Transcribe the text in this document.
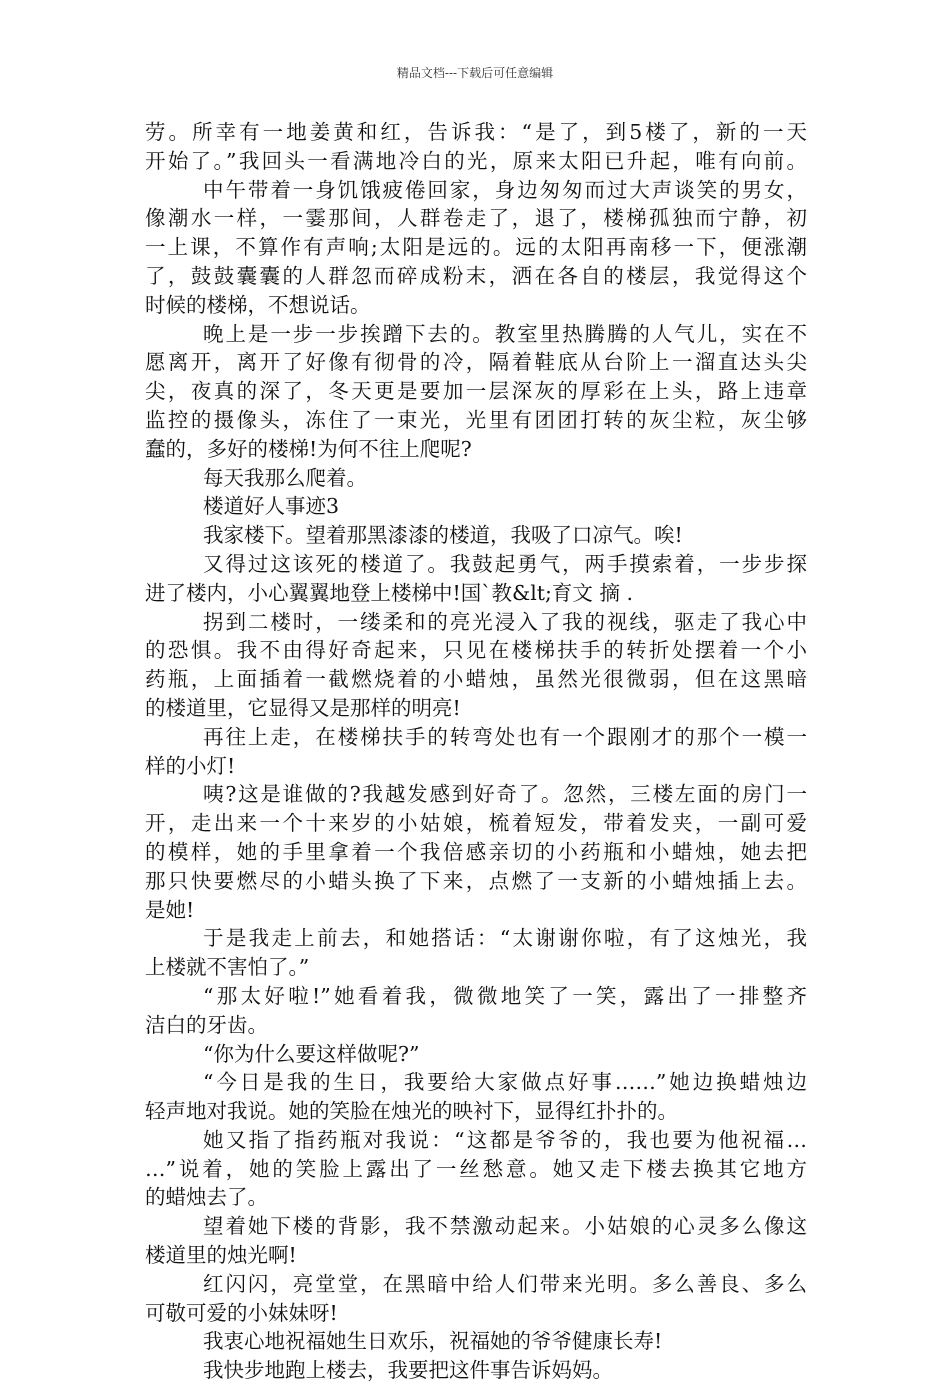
精品文档---下载后可任意编辑
劳。所幸有一地姜黄和红，告诉我：“是了，到5楼了，新的一天
开始了。”我回头一看满地冷白的光，原来太阳已升起，唯有向前。
中午带着一身饥饿疲倦回家，身边匆匆而过大声谈笑的男女，
像潮水一样，一霎那间，人群卷走了，退了，楼梯孤独而宁静，初
一上课，不算作有声响;太阳是远的。远的太阳再南移一下，便涨潮
了，鼓鼓囊囊的人群忽而碎成粉末，洒在各自的楼层，我觉得这个
时候的楼梯，不想说话。
晚上是一步一步挨蹭下去的。教室里热腾腾的人气儿，实在不
愿离开，离开了好像有彻骨的冷，隔着鞋底从台阶上一溜直达头尖
尖，夜真的深了，冬天更是要加一层深灰的厚彩在上头，路上违章
监控的摄像头，冻住了一束光，光里有团团打转的灰尘粒，灰尘够
蠢的，多好的楼梯!为何不往上爬呢?
每天我那么爬着。
楼道好人事迹3
我家楼下。望着那黑漆漆的楼道，我吸了口凉气。唉!
又得过这该死的楼道了。我鼓起勇气，两手摸索着，一步步探
进了楼内，小心翼翼地登上楼梯中!国`教&lt;育文 摘 .
拐到二楼时，一缕柔和的亮光浸入了我的视线，驱走了我心中
的恐惧。我不由得好奇起来，只见在楼梯扶手的转折处摆着一个小
药瓶，上面插着一截燃烧着的小蜡烛，虽然光很微弱，但在这黑暗
的楼道里，它显得又是那样的明亮!
再往上走，在楼梯扶手的转弯处也有一个跟刚才的那个一模一
样的小灯!
咦?这是谁做的?我越发感到好奇了。忽然，三楼左面的房门一
开，走出来一个十来岁的小姑娘，梳着短发，带着发夹，一副可爱
的模样，她的手里拿着一个我倍感亲切的小药瓶和小蜡烛，她去把
那只快要燃尽的小蜡头换了下来，点燃了一支新的小蜡烛插上去。
是她!
于是我走上前去，和她搭话：“太谢谢你啦，有了这烛光，我
上楼就不害怕了。”
“那太好啦!”她看着我，微微地笑了一笑，露出了一排整齐
洁白的牙齿。
“你为什么要这样做呢?”
“今日是我的生日，我要给大家做点好事……”她边换蜡烛边
轻声地对我说。她的笑脸在烛光的映衬下，显得红扑扑的。
她又指了指药瓶对我说：“这都是爷爷的，我也要为他祝福…
…”说着，她的笑脸上露出了一丝愁意。她又走下楼去换其它地方
的蜡烛去了。
望着她下楼的背影，我不禁激动起来。小姑娘的心灵多么像这
楼道里的烛光啊!
红闪闪，亮堂堂，在黑暗中给人们带来光明。多么善良、多么
可敬可爱的小妹妹呀!
我衷心地祝福她生日欢乐，祝福她的爷爷健康长寿!
我快步地跑上楼去，我要把这件事告诉妈妈。
